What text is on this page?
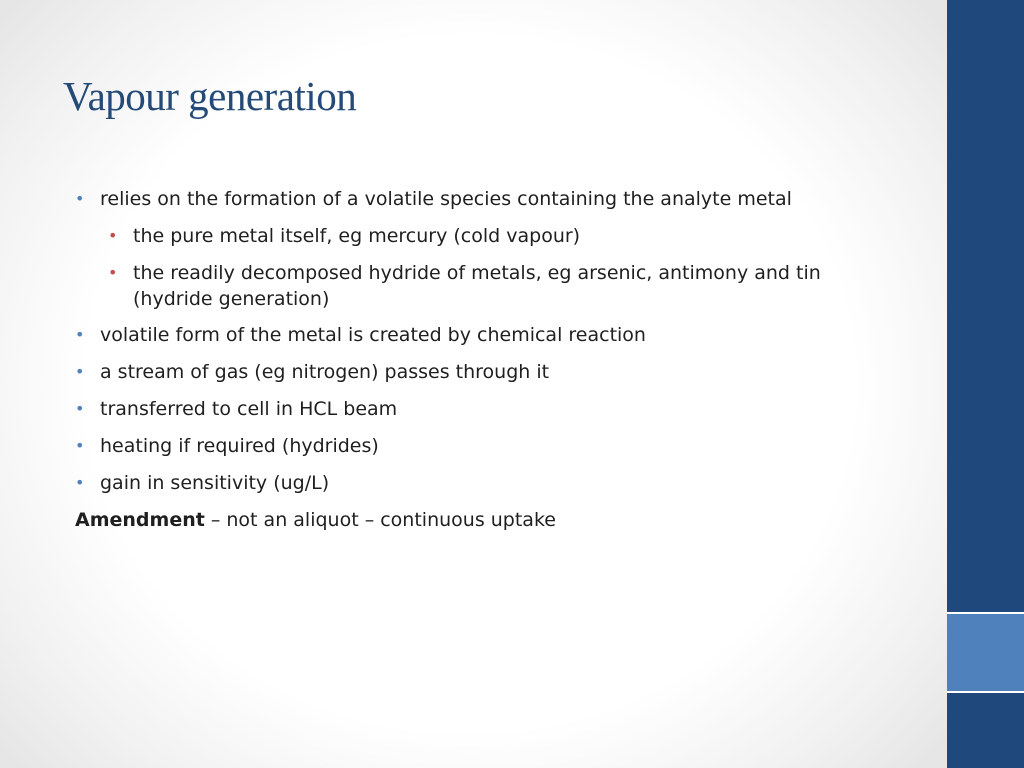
Vapour generation
• relies on the formation of a volatile species containing the analyte metal
• the pure metal itself, eg mercury (cold vapour)
• the readily decomposed hydride of metals, eg arsenic, antimony and tin (hydride generation)
• volatile form of the metal is created by chemical reaction
• a stream of gas (eg nitrogen) passes through it
• transferred to cell in HCL beam
• heating if required (hydrides)
• gain in sensitivity (ug/L)

Amendment – not an aliquot – continuous uptake
